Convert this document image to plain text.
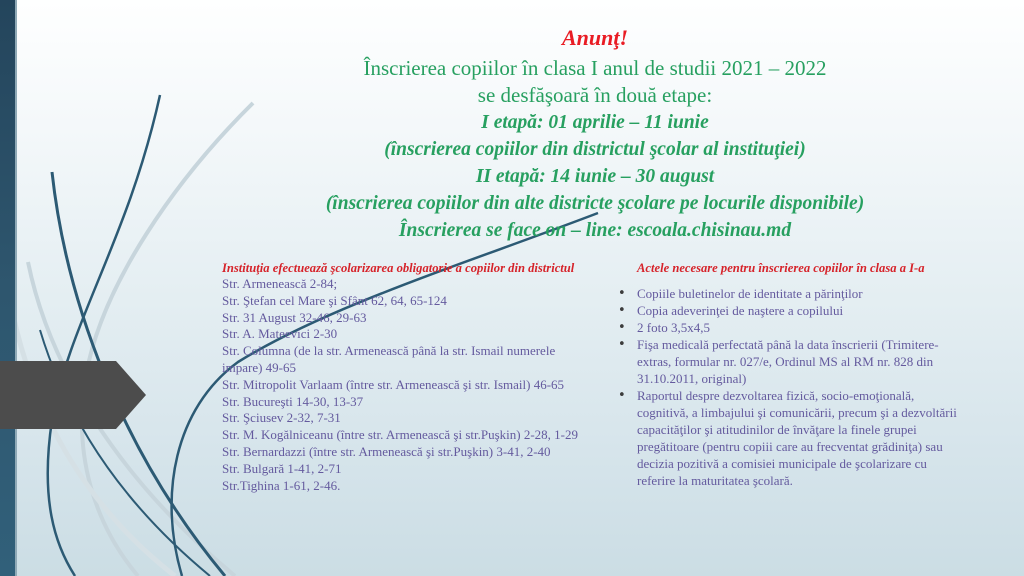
Anunţ!
Înscrierea copiilor în clasa I anul de studii 2021 – 2022
se desfăşoară în două etape:
I etapă: 01 aprilie – 11 iunie
(înscrierea copiilor din districtul şcolar al instituţiei)
II etapă: 14 iunie – 30 august
(înscrierea copiilor din alte districte şcolare pe locurile disponibile)
Înscrierea se face on – line: escoala.chisinau.md
Instituţia efectuează şcolarizarea obligatorie a copiilor din districtul
Str. Armenească 2-84;
Str. Ştefan cel Mare şi Sfânt 62, 64, 65-124
Str. 31 August 32-46, 29-63
Str. A. Mateevici 2-30
Str. Columna (de la str. Armenească până la str. Ismail numerele impare) 49-65
Str. Mitropolit Varlaam (între str. Armenească şi str. Ismail) 46-65
Str. Bucureşti 14-30, 13-37
Str. Şciusev 2-32, 7-31
Str. M. Kogălniceanu (între str. Armenească şi str.Puşkin) 2-28, 1-29
Str. Bernardazzi (între str. Armenească şi str.Puşkin) 3-41, 2-40
Str. Bulgară 1-41, 2-71
Str.Tighina 1-61, 2-46.
Actele necesare pentru înscrierea copiilor în clasa a I-a
• Copiile buletinelor de identitate a părinţilor
• Copia adeverinţei de naştere a copilului
• 2 foto 3,5x4,5
• Fişa medicală perfectată până la data înscrierii (Trimitere-extras, formular nr. 027/e, Ordinul MS al RM nr. 828 din 31.10.2011, original)
• Raportul despre dezvoltarea fizică, socio-emoţională, cognitivă, a limbajului şi comunicării, precum şi a dezvoltării capacităţilor şi atitudinilor de învăţare la finele grupei pregătitoare (pentru copiii care au frecventat grădiniţa) sau decizia pozitivă a comisiei municipale de şcolarizare cu referire la maturitatea şcolară.
